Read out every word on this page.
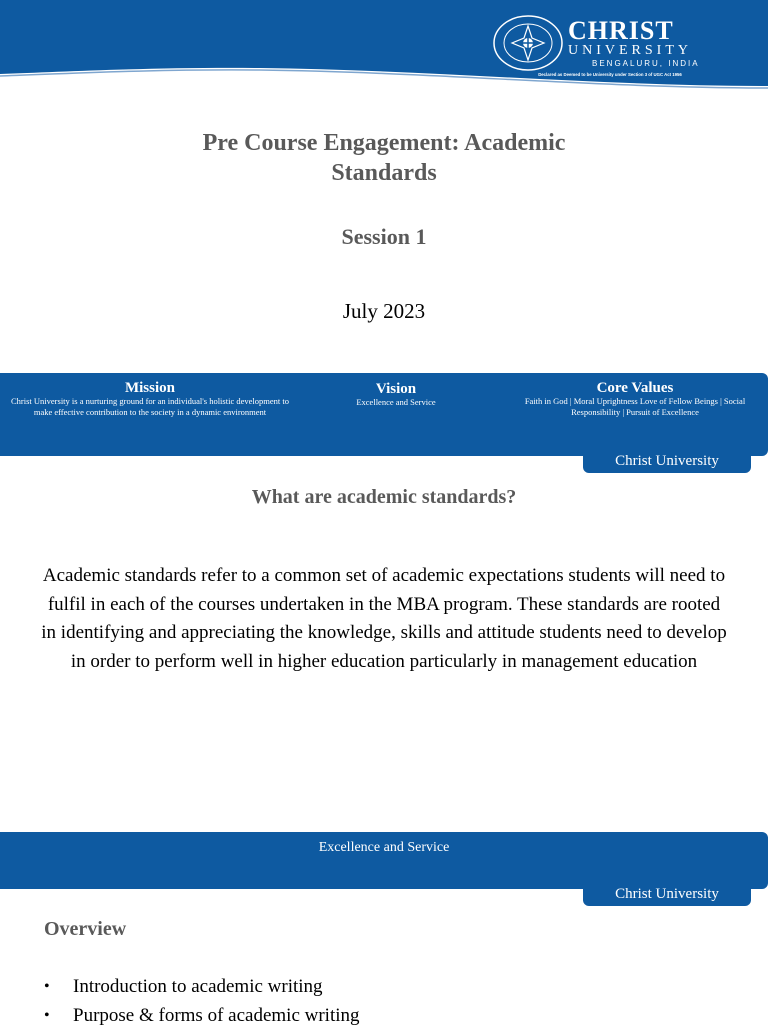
CHRIST
UNIVERSITY
BENGALURU, INDIA
Declared as Deemed to be University under Section 3 of UGC Act 1956
Pre Course Engagement: Academic Standards
Session 1
July 2023
Mission
Christ University is a nurturing ground for an individual's holistic development to make effective contribution to the society in a dynamic environment
Vision
Excellence and Service
Core Values
Faith in God | Moral Uprightness Love of Fellow Beings | Social Responsibility | Pursuit of Excellence
Christ University
What are academic standards?
Academic standards refer to a common set of academic expectations students will need to fulfil in each of the courses undertaken in the MBA program. These standards are rooted in identifying and appreciating the knowledge, skills and attitude students need to develop in order to perform well in higher education particularly in management education
Excellence and Service
Christ University
Overview
• Introduction to academic writing
• Purpose & forms of academic writing
